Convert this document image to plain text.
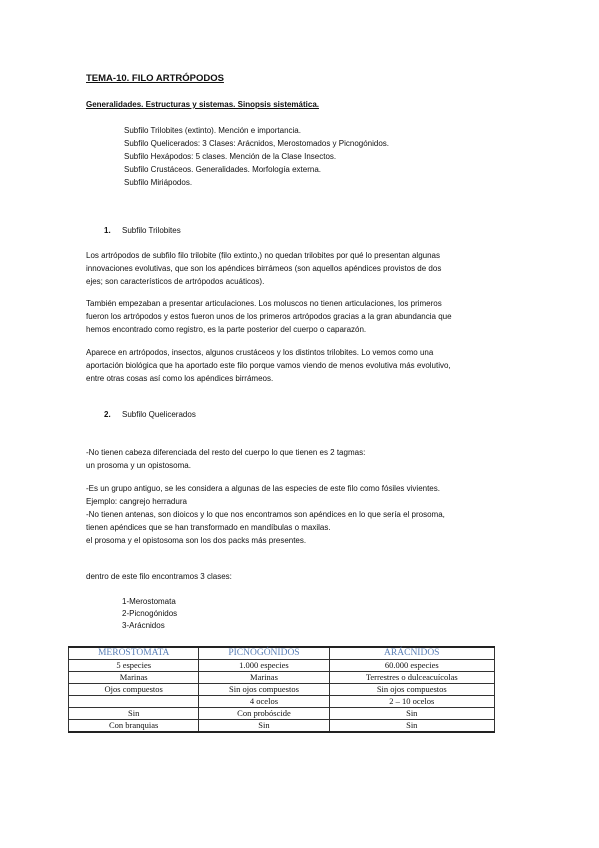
TEMA-10. FILO ARTRÓPODOS
Generalidades. Estructuras y sistemas. Sinopsis sistemática.
Subfilo Trilobites (extinto). Mención e importancia.
Subfilo Quelicerados: 3 Clases: Arácnidos, Merostomados y Picnogónidos.
Subfilo Hexápodos: 5 clases. Mención de la Clase Insectos.
Subfilo Crustáceos. Generalidades. Morfología externa.
Subfilo Miriápodos.
1. Subfilo Trilobites
Los artrópodos de subfilo filo trilobite (filo extinto,) no quedan trilobites por qué lo presentan algunas
innovaciones evolutivas, que son los apéndices birrámeos (son aquellos apéndices provistos de dos
ejes; son característicos de artrópodos acuáticos).
También empezaban a presentar articulaciones. Los moluscos no tienen articulaciones, los primeros
fueron los artrópodos y estos fueron unos de los primeros artrópodos gracias a la gran abundancia que
hemos encontrado como registro, es la parte posterior del cuerpo o caparazón.
Aparece en artrópodos, insectos, algunos crustáceos y los distintos trilobites. Lo vemos como una
aportación biológica que ha aportado este filo porque vamos viendo de menos evolutiva más evolutivo,
entre otras cosas así como los apéndices birrámeos.
2. Subfilo Quelicerados
-No tienen cabeza diferenciada del resto del cuerpo lo que tienen es 2 tagmas:
un prosoma y un opistosoma.
-Es un grupo antiguo, se les considera a algunas de las especies de este filo como fósiles vivientes.
Ejemplo: cangrejo herradura
-No tienen antenas, son dioicos y lo que nos encontramos son apéndices en lo que sería el prosoma,
tienen apéndices que se han transformado en mandíbulas o maxilas.
el prosoma y el opistosoma son los dos packs más presentes.
dentro de este filo encontramos 3 clases:
1-Merostomata
2-Picnogónidos
3-Arácnidos
MEROSTOMATA	PICNOGÓNIDOS	ARÁCNIDOS
5 especies	1.000 especies	60.000 especies
Marinas	Marinas	Terrestres o dulceacuícolas
Ojos compuestos	Sin ojos compuestos	Sin ojos compuestos
	4 ocelos	2 – 10 ocelos
Sin	Con probóscide	Sin
Con branquias	Sin	Sin
